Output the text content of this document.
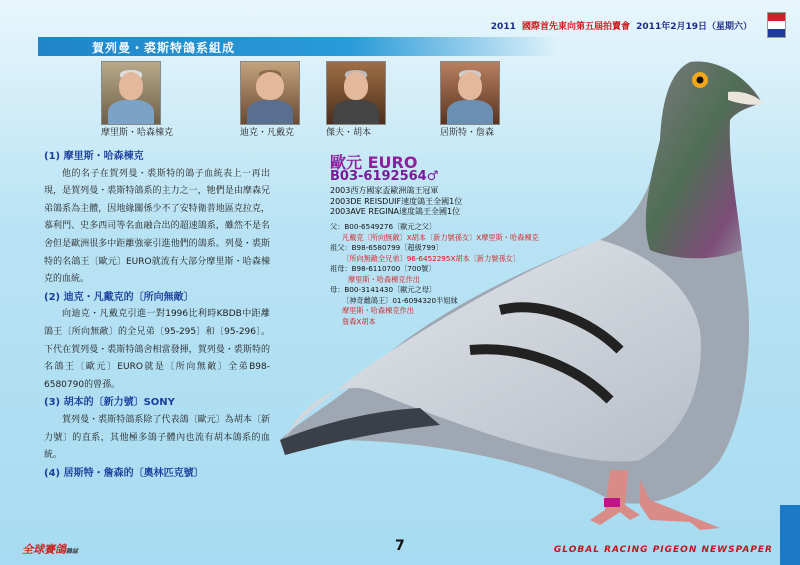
2011 國際首先東向第五屆拍賣會 2011年2月19日（星期六）
賀列曼・裘斯特鴿系組成
摩里斯・哈森棟克	迪克・凡戴克	傑夫・胡本	居斯特・詹森
(1) 摩里斯・哈森棟克

他的名子在賀列曼・裘斯特的鴿子血統表上一再出現，是賀列曼・裘斯特鴿系的主力之一，牠們是由摩森兄弟鴿系為主體，因地緣關係少不了安特衛普地區克拉克，慕利門、史多西司等名血融合出的超速鴿系，雖然不是名舍但是歐洲很多中距離強豪引進他們的鴿系。列曼・裘斯特的名鴿王〔歐元〕EURO就流有大部分摩里斯・哈森棟克的血統。

(2) 迪克・凡戴克的〔所向無敵〕

向迪克・凡戴克引進一對1996比利時KBDB中距離鴿王〔所向無敵〕的全兄弟〔95-295〕和〔95-296〕。下代在賀列曼・裘斯特鴿舍相當發揮，賀列曼・裘斯特的名鴿王〔歐元〕EURO就是〔所向無敵〕全弟B98-6580790的曾孫。

(3) 胡本的〔新力號〕SONY

賀列曼・裘斯特鴿系除了代表鴿〔歐元〕為胡本〔新力號〕的直系，其他極多鴿子體內也流有胡本鴿系的血統。

(4) 居斯特・詹森的〔奧林匹克號〕
歐元 EURO
B03-6192564♂
2003西方國家盃歐洲鴿王冠軍
2003DE REISDUIF速度鴿王全國1位
2003AVE REGINA速度鴿王全國1位
父：B00-6549276〔歐元之父〕
凡戴克〔所向無敵〕X胡本〔新力號孫女〕X摩里斯・哈森棟克
祖父：B98-6580799〔超級799〕
〔所向無敵全兄弟〕96-6452295X胡本〔新力號孫女〕
祖母：B98-6110700〔700號〕
摩里斯・哈森棟克作出
母：B00-3141430〔歐元之母〕
〔神奇雌鴿王〕01-6094320半姐妹
摩里斯・哈森棟克作出
詹森X胡本
全球賽鴿雜誌	7	GLOBAL RACING PIGEON NEWSPAPER
